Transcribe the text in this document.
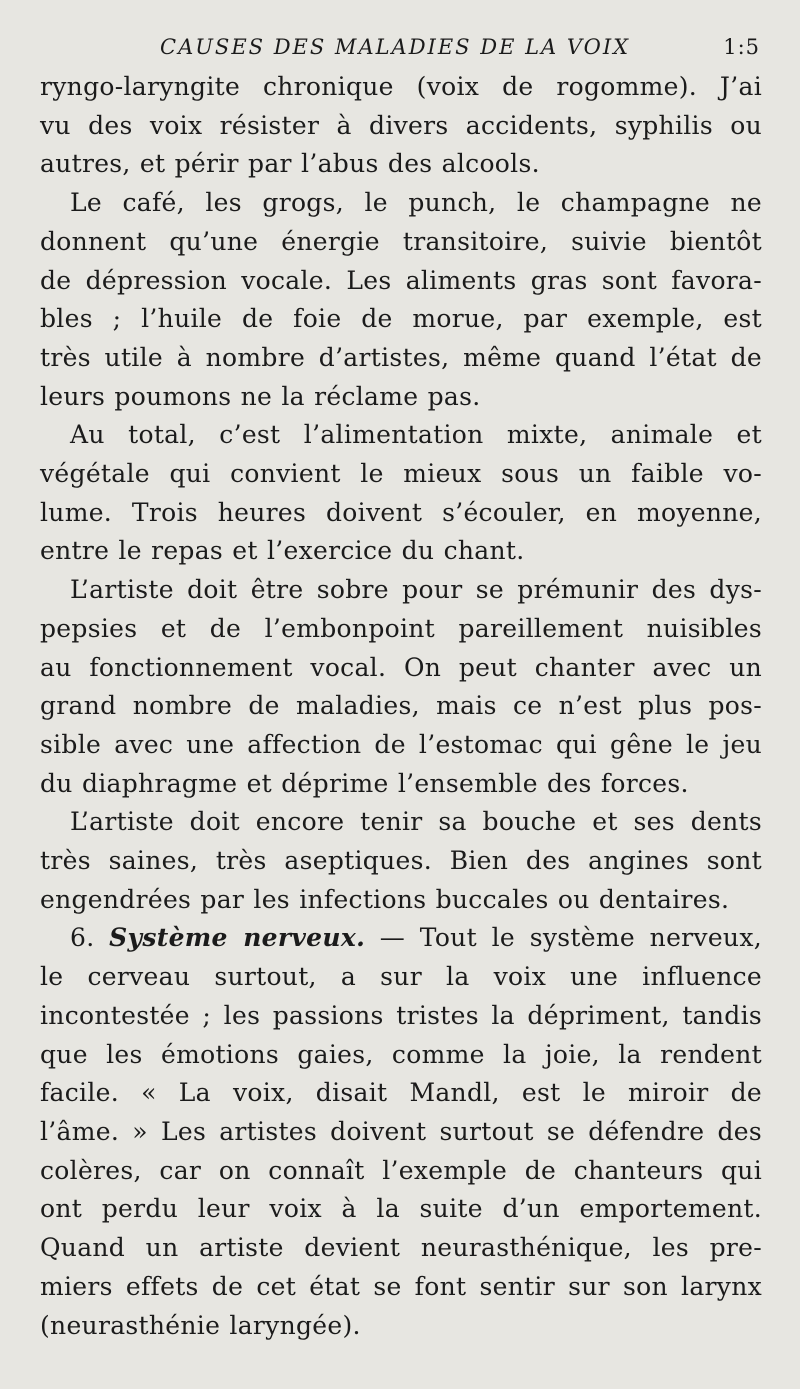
CAUSES DES MALADIES DE LA VOIX	1:5

ryngo-laryngite chronique (voix de rogomme). J’ai

vu des voix résister à divers accidents, syphilis ou

autres, et périr par l’abus des alcools.

Le café, les grogs, le punch, le champagne ne

donnent qu’une énergie transitoire, suivie bientôt

de dépression vocale. Les aliments gras sont favora-

bles ; l’huile de foie de morue, par exemple, est

très utile à nombre d’artistes, même quand l’état de

leurs poumons ne la réclame pas.

Au total, c’est l’alimentation mixte, animale et

végétale qui convient le mieux sous un faible vo-

lume. Trois heures doivent s’écouler, en moyenne,

entre le repas et l’exercice du chant.

L’artiste doit être sobre pour se prémunir des dys-

pepsies et de l’embonpoint pareillement nuisibles

au fonctionnement vocal. On peut chanter avec un

grand nombre de maladies, mais ce n’est plus pos-

sible avec une affection de l’estomac qui gêne le jeu

du diaphragme et déprime l’ensemble des forces.

L’artiste doit encore tenir sa bouche et ses dents

très saines, très aseptiques. Bien des angines sont

engendrées par les infections buccales ou dentaires.

6. Système nerveux. — Tout le système nerveux,

le cerveau surtout, a sur la voix une influence

incontestée ; les passions tristes la dépriment, tandis

que les émotions gaies, comme la joie, la rendent

facile. « La voix, disait Mandl, est le miroir de

l’âme. » Les artistes doivent surtout se défendre des

colères, car on connaît l’exemple de chanteurs qui

ont perdu leur voix à la suite d’un emportement.

Quand un artiste devient neurasthénique, les pre-

miers effets de cet état se font sentir sur son larynx

(neurasthénie laryngée).
